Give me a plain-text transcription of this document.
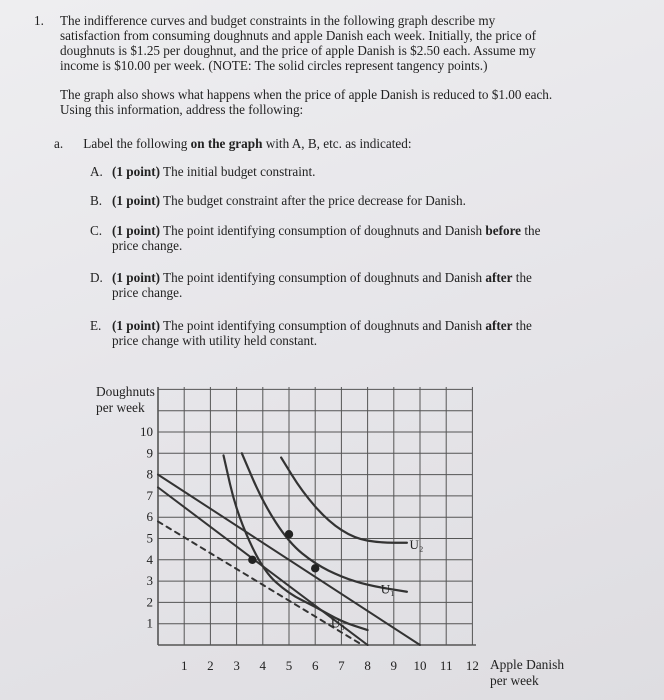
1. The indifference curves and budget constraints in the following graph describe my
satisfaction from consuming doughnuts and apple Danish each week. Initially, the price of
doughnuts is $1.25 per doughnut, and the price of apple Danish is $2.50 each. Assume my
income is $10.00 per week. (NOTE: The solid circles represent tangency points.)
The graph also shows what happens when the price of apple Danish is reduced to $1.00 each.
Using this information, address the following:
a. Label the following on the graph with A, B, etc. as indicated:
A. (1 point) The initial budget constraint.
B. (1 point) The budget constraint after the price decrease for Danish.
C. (1 point) The point identifying consumption of doughnuts and Danish before the
price change.
D. (1 point) The point identifying consumption of doughnuts and Danish after the
price change.
E. (1 point) The point identifying consumption of doughnuts and Danish after the
price change with utility held constant.
Doughnuts
per week
Apple Danish
per week
1 2 3 4 5 6 7 8 9 10 11 12
1
2
3
4
5
6
7
8
9
10
U₀
U₁
U₂
